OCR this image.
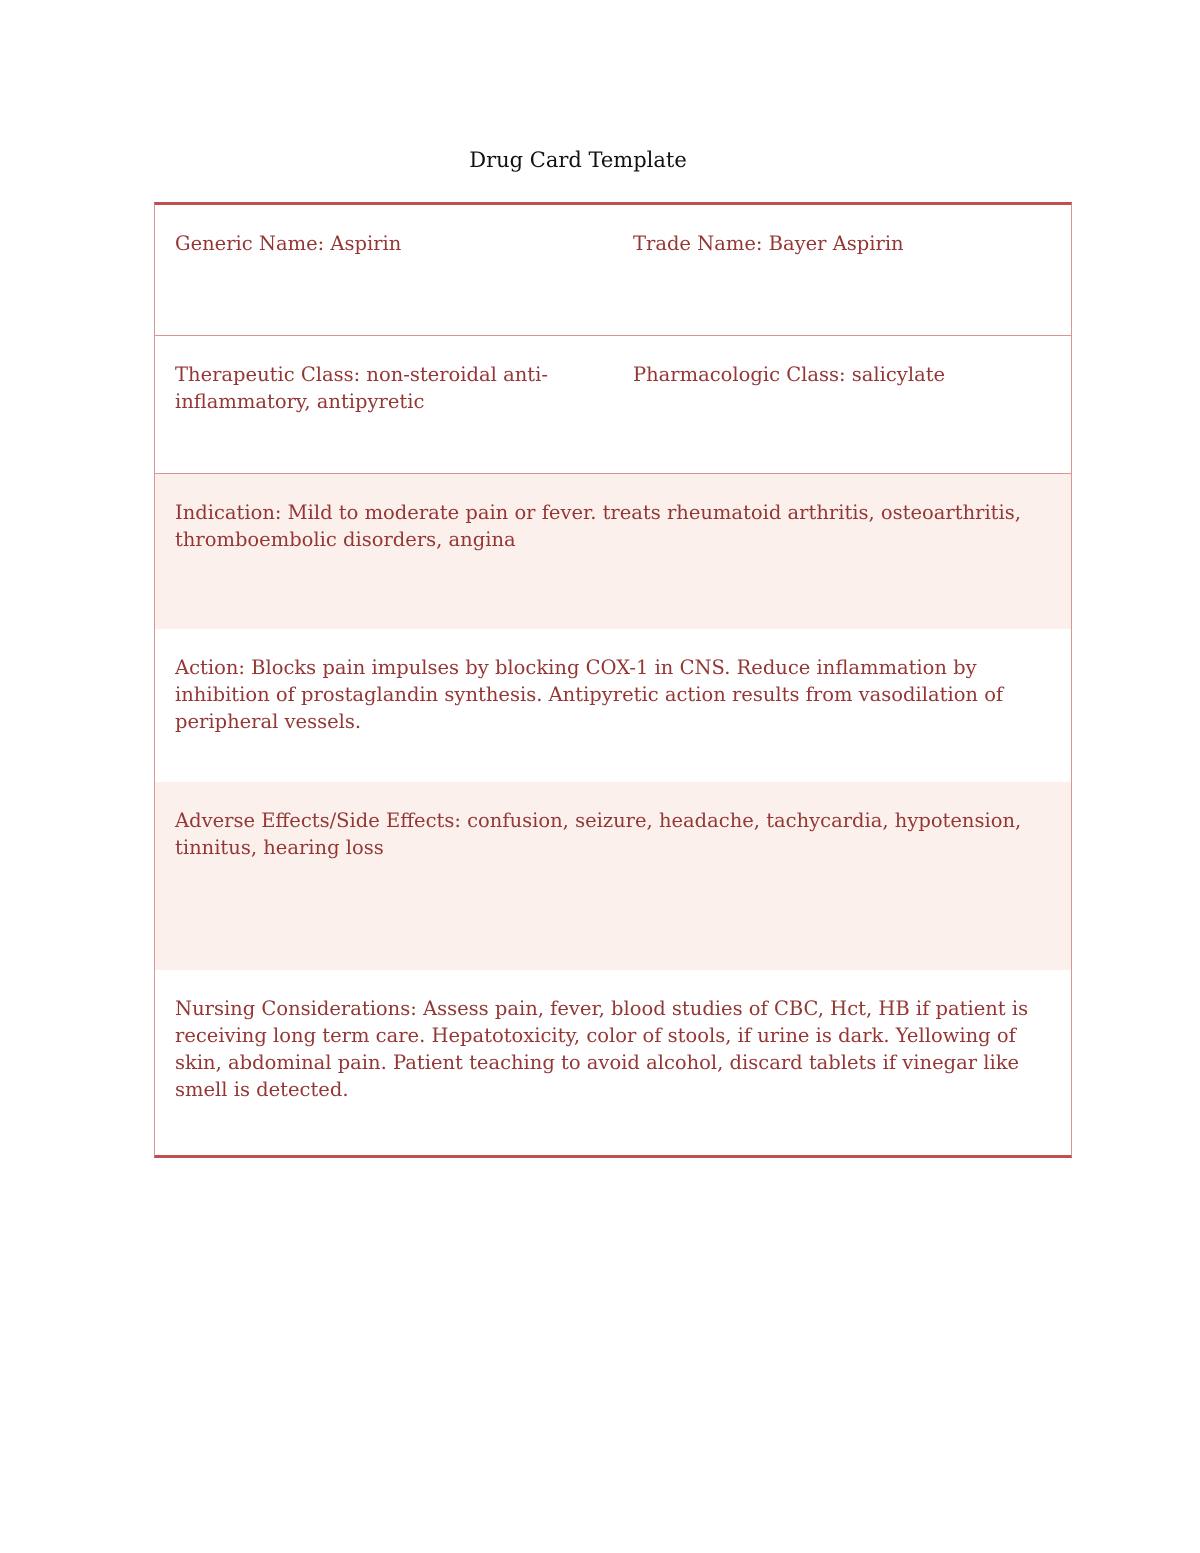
Drug Card Template
Generic Name: Aspirin	Trade Name: Bayer Aspirin
Therapeutic Class: non-steroidal anti-inflammatory, antipyretic
Pharmacologic Class: salicylate
Indication: Mild to moderate pain or fever. treats rheumatoid arthritis, osteoarthritis, thromboembolic disorders, angina
Action: Blocks pain impulses by blocking COX-1 in CNS. Reduce inflammation by inhibition of prostaglandin synthesis. Antipyretic action results from vasodilation of peripheral vessels.
Adverse Effects/Side Effects: confusion, seizure, headache, tachycardia, hypotension, tinnitus, hearing loss
Nursing Considerations: Assess pain, fever, blood studies of CBC, Hct, HB if patient is receiving long term care. Hepatotoxicity, color of stools, if urine is dark. Yellowing of skin, abdominal pain. Patient teaching to avoid alcohol, discard tablets if vinegar like smell is detected.
